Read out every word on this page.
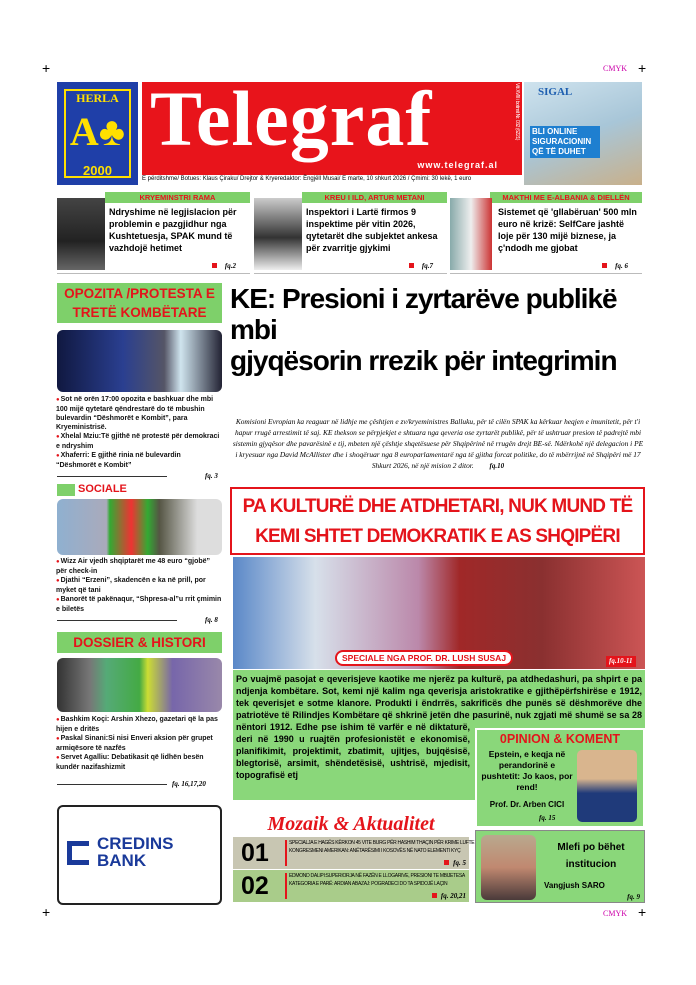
+	+
+	+
CMYK
CMYK
HERLA
A♣
2000
Telegraf
www.telegraf.al
Viti XVIII i botimit Nr. 032 (6221)
E përditshme/ Botues: Klaus Çiraku/ Drejtor & Kryeredaktor: Èngjëll Musai/ E marte, 10 shkurt 2026 / Çmimi: 30 lekë, 1 euro
SIGAL
BLI ONLINE SIGURACIONIN QË TË DUHET
KRYEMINSTRI RAMA
Ndryshime në legjislacion për problemin e pazgjidhur nga Kushtetuesja, SPAK mund të vazhdojë hetimet
fq.2
KREU I ILD, ARTUR METANI
Inspektori i Lartë firmos 9 inspektime për vitin 2026, qytetarët dhe subjektet ankesa për zvarritje gjykimi
fq.7
MAKTHI ME E-ALBANIA & DIELLËN
Sistemet që 'gllabëruan' 500 mln euro në krizë: SelfCare jashtë loje për 130 mijë biznese, ja ç'ndodh me gjobat
fq. 6
OPOZITA /PROTESTA E TRETË KOMBËTARE

● Sot në orën 17:00 opozita e bashkuar dhe mbi 100 mijë qytetarë qëndrestarë do të mbushin bulevardin “Dëshmorët e Kombit”, para Kryeministrisë.

● Xhelal Mziu:Të gjithë në protestë për demokraci e ndryshim

● Xhaferri: E gjithë rinia në bulevardin “Dëshmorët e Kombit”

fq. 3
SOCIALE

● Wizz Air vjedh shqiptarët me 48 euro “gjobë” për check-in

● Djathi “Erzeni”, skadencën e ka në prill, por myket që tani

● Banorët të pakënaqur, “Shpresa-al”u rrit çmimin e biletës

fq. 8
DOSSIER & HISTORI

● Bashkim Koçi: Arshin Xhezo, gazetari që la pas hijen e dritës

● Paskal Sinani:Si nisi Enveri aksion për grupet armiqësore të nazfës

● Servet Agalliu: Debatikasit që lidhën besën kundër nazifashizmit

fq. 16,17,20
CREDINS BANK
KE: Presioni i zyrtarëve publikë mbi
gjyqësorin rrezik për integrimin
Komisioni Evropian ka reaguar në lidhje me çështjen e zv/kryeministres Balluku, për të cilën SPAK ka kërkuar heqjen e imunitetit, për t'i hapur rrugë arrestimit të saj. KE thekson se përpjekjet e shtuara nga qeveria ose zyrtarët publikë, për të ushtruar presion të padrejtë mbi sistemin gjyqësor dhe pavarësinë e tij, mbeten një çështje shqetësuese për Shqipërinë në rrugën drejt BE-së. Ndërkohë një delegacion i PE i kryesuar nga David McAllister dhe i shoqëruar nga 8 europarlamentarë nga të gjitha forcat politike, do të mbërrijnë në Shqipëri më 17 Shkurt 2026, në një mision 2 ditor. fq.10
PA KULTURË DHE ATDHETARI, NUK MUND TË KEMI SHTET DEMOKRATIK E AS SHQIPËRI
SPECIALE NGA PROF. DR. LUSH SUSAJ	fq.10-11
Po vuajmë pasojat e qeverisjeve kaotike me njerëz pa kulturë, pa atdhedashuri, pa shpirt e pa ndjenja kombëtare. Sot, kemi një kalim nga qeverisja aristokratike e gjithëpërfshirëse e 1912, tek qeverisjet e sotme klanore. Produkti i ëndrrës, sakrificës dhe punës së dëshmorëve dhe patriotëve të Rilindjes Kombëtare që shkrinë jetën dhe pasurinë, nuk zgjati më shumë se sa 28 nëntori 1912. Edhe pse ishim të varfër e në diktaturë, deri në 1990 u ruajtën profesionistët e ekonomisë, planifikimit, projektimit, zbatimit, ujitjes, bujqësisë, blegtorisë, arsimit, shëndetësisë, ushtrisë, mjedisit, topografisë etj
0PINION & KOMENT
Epstein, e keqja në perandorinë e pushtetit: Jo kaos, por rend!
Prof. Dr. Arben CICI
fq. 15
Mlefi po bëhet institucion
Vangjush SARO
fq. 9
Mozaik & Aktualitet
01	SPECIALJA E HAGËS KËRKON 45 VITE BURG PËR HASHIM THAÇIN PËR KRIME LUFTE

KONGRESMENI AMERIKAN: ANËTARËSIMI I KOSOVËS NË NATO ELEMENTI KYÇ

fq. 5
02	EDMOND DALIPI:SUPERIORJA NË FAZËN E LLOGARIVE, PRESIONI TE MBIJETESA

KATEGORIA E PARË: ARDIAN ABAZAJ: POGRADECI DO TA SPIDOJË LAÇIN

fq. 20,21
